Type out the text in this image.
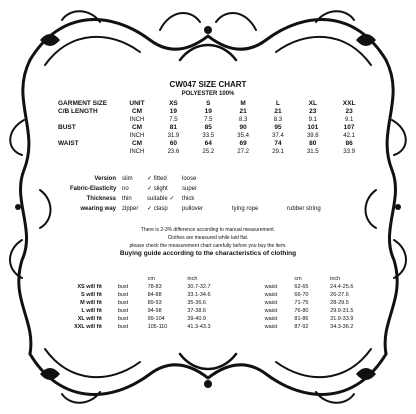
CW047 SIZE CHART
POLYESTER 100%
GARMENT SIZE	UNIT	XS	S	M	L	XL	XXL
C/B LENGTH	CM	19	19	21	21	23	23
	INCH	7.5	7.5	8.3	8.3	9.1	9.1
BUST	CM	81	85	90	95	101	107
	INCH	31.9	33.5	35.4	37.4	39.8	42.1
WAIST	CM	60	64	69	74	80	86
	INCH	23.6	25.2	27.2	29.1	31.5	33.9
Version	slim	✓ fitted	loose
Fabric-Elasticity no	✓ slight	super
Thickness	thin	suitable ✓	thick
wearing way	zipper	✓ clasp	pullover	tying rope	rubber string
There is 2-3% difference according to manual measurement.
Clothes are measured while laid flat.
please check the measurement chart carefully before you buy the item.
Buying guide according to the characteristics of clothing
		cm	inch		cm	inch
XS will fit	bust	78-83	30.7-32.7	waist	62-65	24.4-25.6
S will fit	bust	84-88	33.1-34.6	waist	66-70	26-27.6
M will fit	bust	89-93	35-36.6	waist	71-75	28-29.5
L will fit	bust	94-98	37-38.6	waist	76-80	29.9-31.5
XL will fit	bust	99-104	39-40.9	waist	81-86	31.9-33.9
XXL will fit	bust	105-110	41.3-43.3	waist	87-92	34.3-36.2
